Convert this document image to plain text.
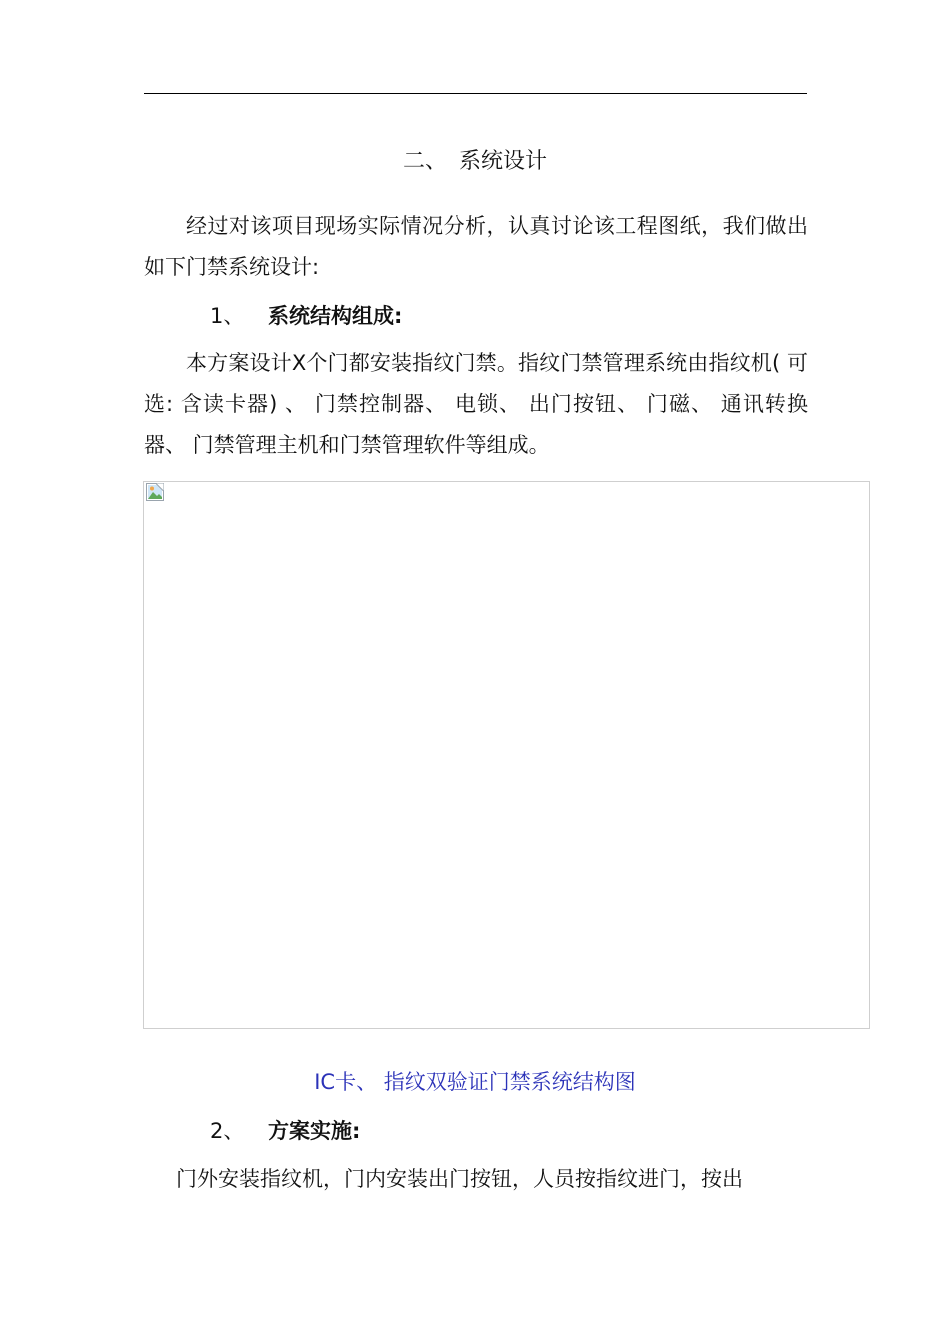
二、 系统设计
经过对该项目现场实际情况分析，认真讨论该工程图纸，我们做出如下门禁系统设计:
1、 系统结构组成:
本方案设计X个门都安装指纹门禁。指纹门禁管理系统由指纹机( 可选: 含读卡器) 、 门禁控制器、 电锁、 出门按钮、 门磁、 通讯转换器、 门禁管理主机和门禁管理软件等组成。
IC卡、 指纹双验证门禁系统结构图
2、 方案实施:
门外安装指纹机，门内安装出门按钮，人员按指纹进门，按出
